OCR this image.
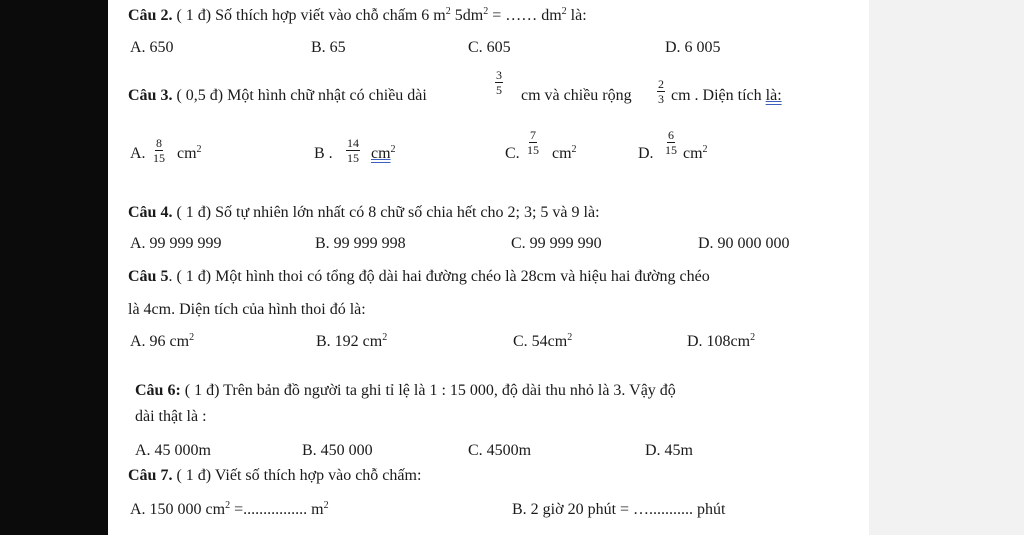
Câu 2. ( 1 đ) Số thích hợp viết vào chỗ chấm 6 $m^2$ $5dm^2$ = …… $dm^2$ là:
A. 650	B. 65	C. 605	D. 6 005
Câu 3. ( 0,5 đ) Một hình chữ nhật có chiều dài	$\frac{3}{5}$ cm và chiều rộng $\frac{2}{3}$ cm . Diện tích là:
A. $\frac{8}{15} cm^2$	B . $\frac{14}{15} cm^2$	C. $\frac{7}{15} cm^2$	D. $\frac{6}{15} cm^2$
Câu 4. ( 1 đ) Số tự nhiên lớn nhất có 8 chữ số chia hết cho 2; 3; 5 và 9 là:
A. 99 999 999	B. 99 999 998	C. 99 999 990	D. 90 000 000
Câu 5. ( 1 đ) Một hình thoi có tổng độ dài hai đường chéo là 28cm và hiệu hai đường chéo
là 4cm. Diện tích của hình thoi đó là:
A. 96 $cm^2$	B. 192 $cm^2$	C. $54cm^2$	D. $108cm^2$
Câu 6: ( 1 đ) Trên bản đồ người ta ghi tỉ lệ là 1 : 15 000, độ dài thu nhỏ là 3. Vậy độ
dài thật là :
A. 45 000m	B. 450 000	C. 4500m	D. 45m
Câu 7. ( 1 đ) Viết số thích hợp vào chỗ chấm:
A. 150 000 $cm^2$ =................ $m^2$	B. 2 giờ 20 phút = …........... phút
